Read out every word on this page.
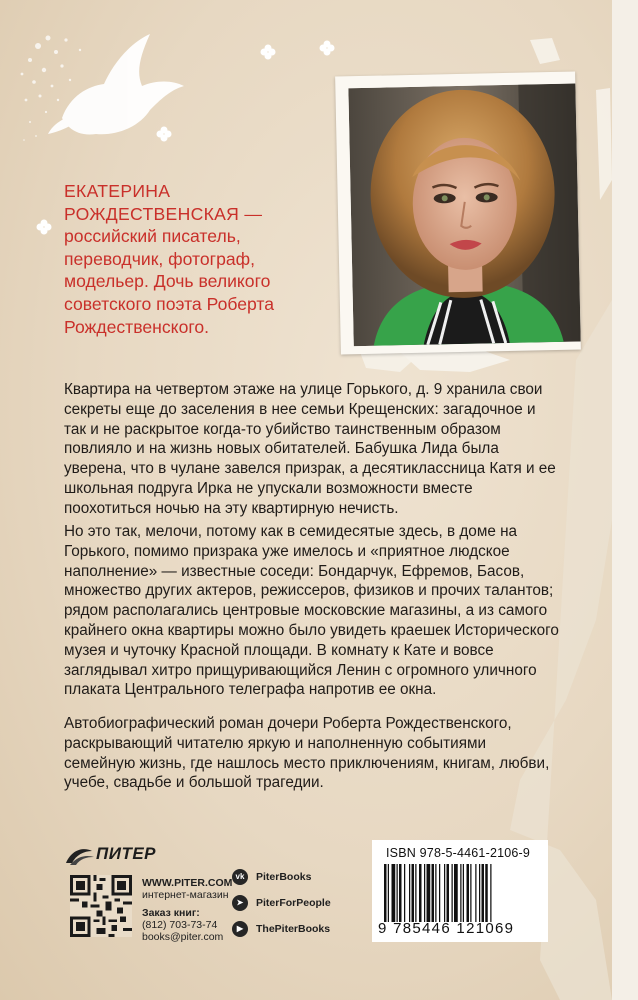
ЕКАТЕРИНА РОЖДЕСТВЕНСКАЯ —
российский писатель, переводчик, фотограф, модельер. Дочь великого советского поэта Роберта Рождественского.

Квартира на четвертом этаже на улице Горького, д. 9 хранила свои секреты еще до заселения в нее семьи Крещенских: загадочное и так и не раскрытое когда-то убийство таинственным образом повлияло и на жизнь новых обитателей. Бабушка Лида была уверена, что в чулане завелся призрак, а десятиклассница Катя и ее школьная подруга Ирка не упускали возможности вместе поохотиться ночью на эту квартирную нечисть.

Но это так, мелочи, потому как в семидесятые здесь, в доме на Горького, помимо призрака уже имелось и «приятное людское наполнение» — известные соседи: Бондарчук, Ефремов, Басов, множество других актеров, режиссеров, физиков и прочих талантов; рядом располагались центровые московские магазины, а из самого крайнего окна квартиры можно было увидеть краешек Исторического музея и чуточку Красной площади. В комнату к Кате и вовсе заглядывал хитро прищуривающийся Ленин с огромного уличного плаката Центрального телеграфа напротив ее окна.

Автобиографический роман дочери Роберта Рождественского, раскрывающий читателю яркую и наполненную событиями семейную жизнь, где нашлось место приключениям, книгам, любви, учебе, свадьбе и большой трагедии.

ПИТЕР

WWW.PITER.COM

интернет-магазин

Заказ книг:

(812) 703-73-74

books@piter.com

vk	PiterBooks
➤	PiterForPeople
▶	ThePiterBooks

ISBN 978-5-4461-2106-9

9 785446 121069
